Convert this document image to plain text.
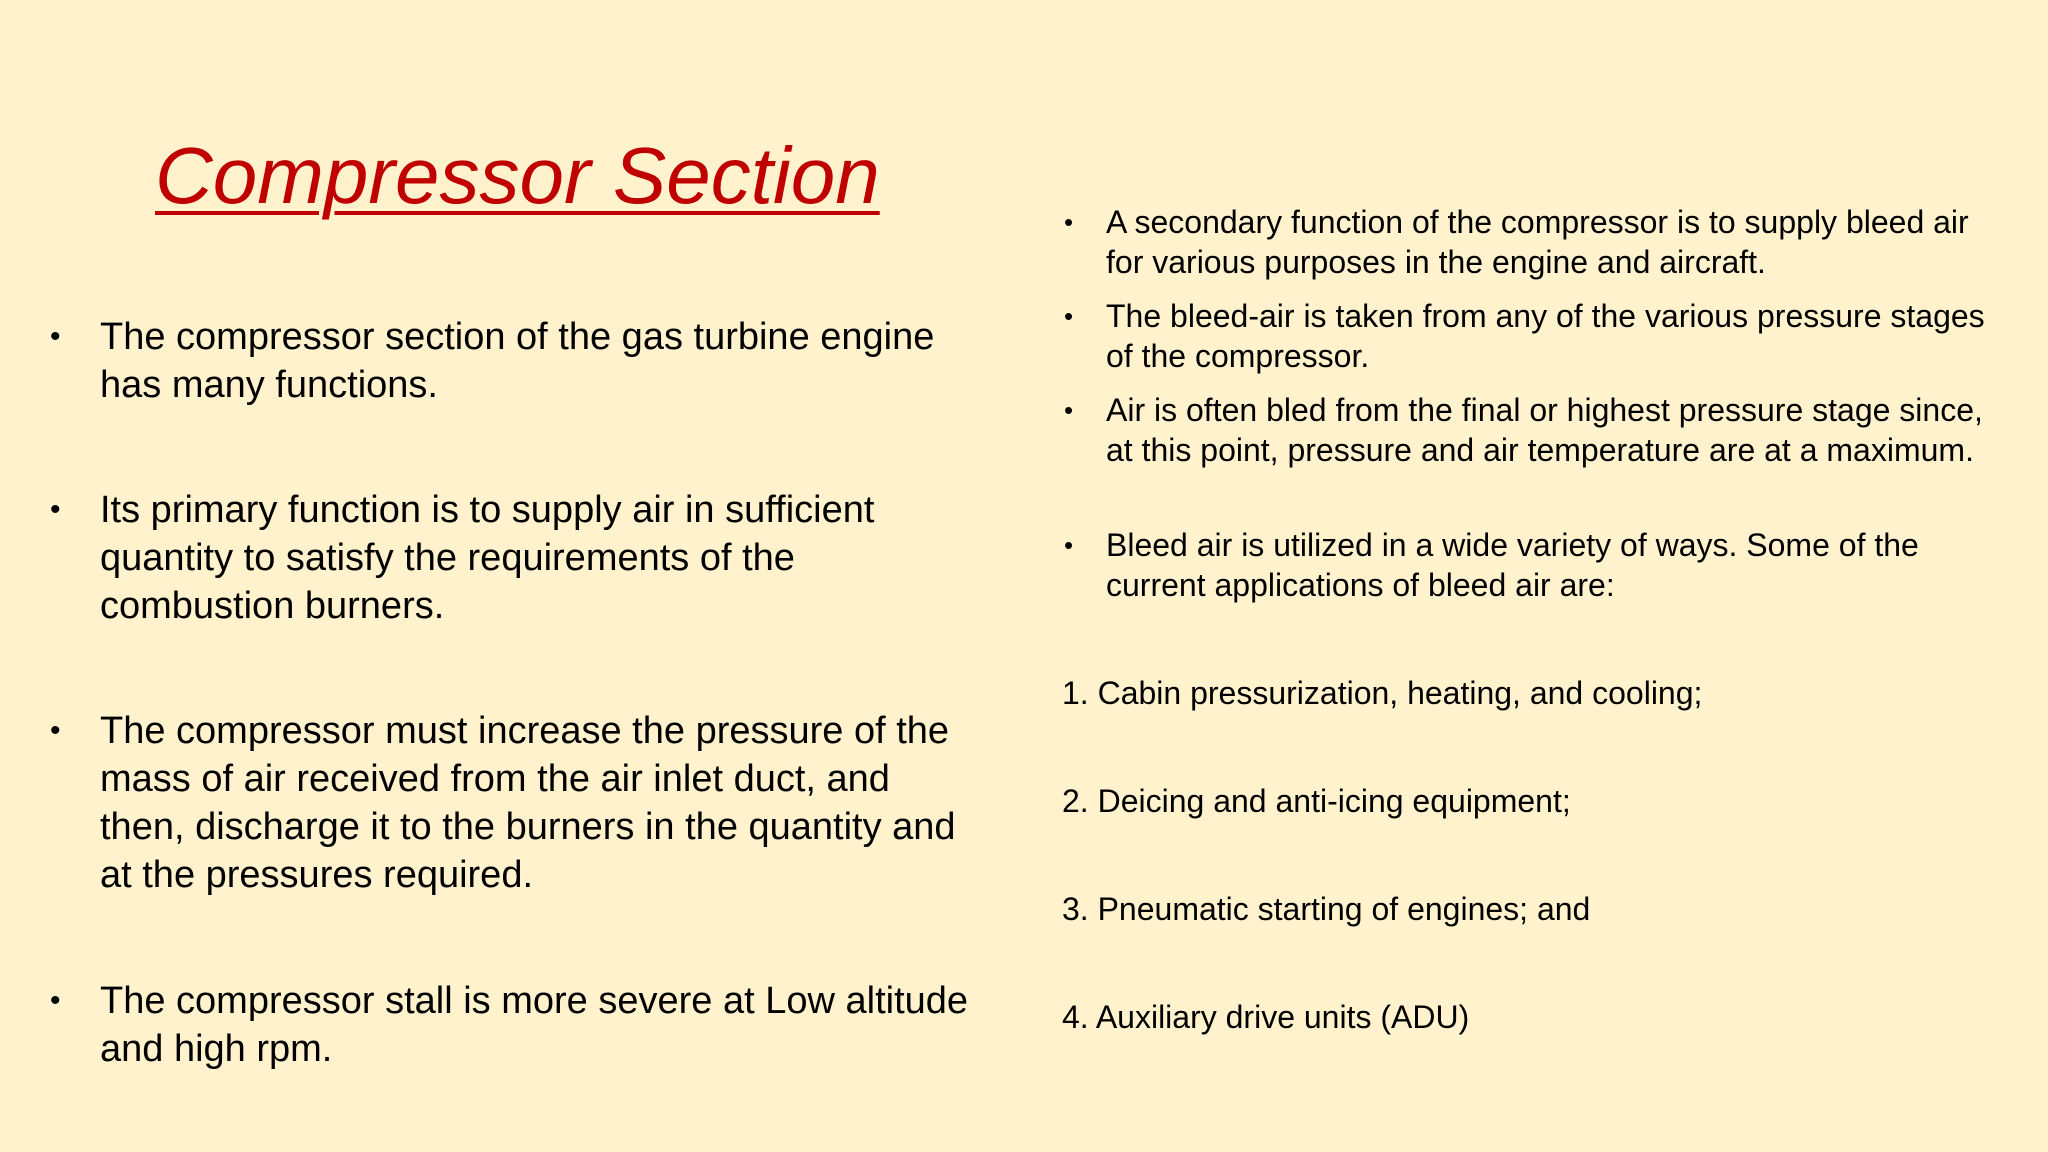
Compressor Section
•	The compressor section of the gas turbine engine has many functions.
•	Its primary function is to supply air in sufficient quantity to satisfy the requirements of the combustion burners.
•	The compressor must increase the pressure of the mass of air received from the air inlet duct, and then, discharge it to the burners in the quantity and at the pressures required.
•	The compressor stall is more severe at Low altitude and high rpm.
•	A secondary function of the compressor is to supply bleed air for various purposes in the engine and aircraft.
•	The bleed-air is taken from any of the various pressure stages of the compressor.
•	Air is often bled from the final or highest pressure stage since, at this point, pressure and air temperature are at a maximum.
•	Bleed air is utilized in a wide variety of ways. Some of the current applications of bleed air are:
1. Cabin pressurization, heating, and cooling;
2. Deicing and anti-icing equipment;
3. Pneumatic starting of engines; and
4. Auxiliary drive units (ADU)
